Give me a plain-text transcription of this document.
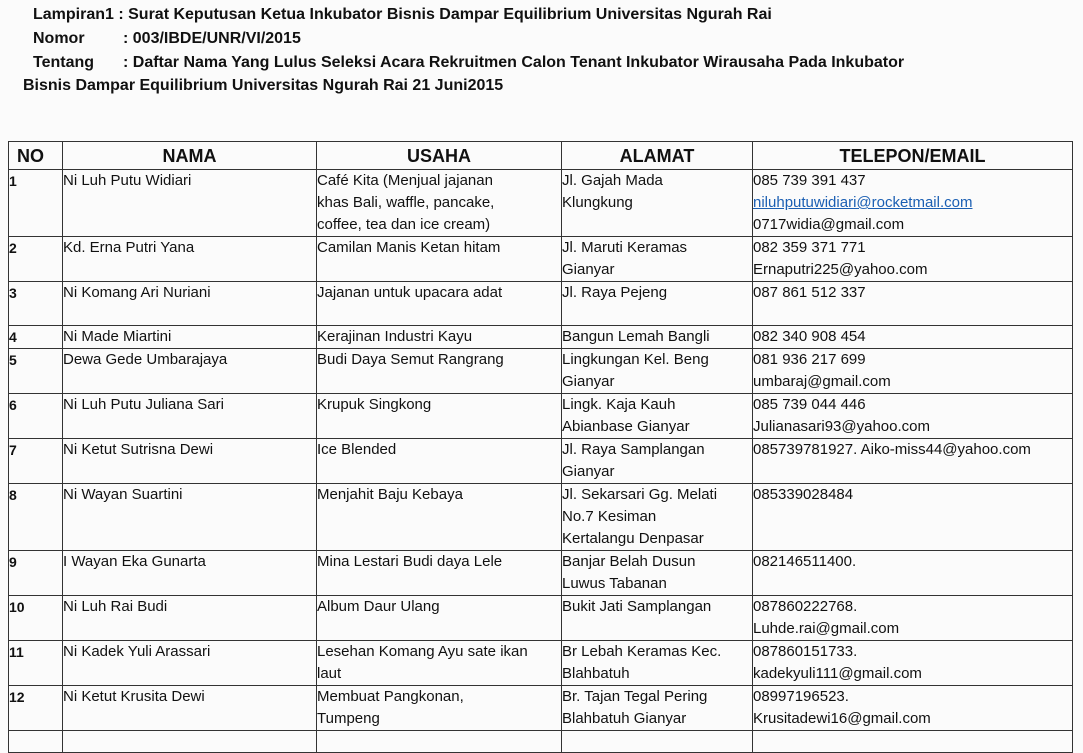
Lampiran1 : Surat Keputusan Ketua Inkubator Bisnis Dampar Equilibrium Universitas Ngurah Rai
Nomor : 003/IBDE/UNR/VI/2015
Tentang : Daftar Nama Yang Lulus Seleksi Acara Rekruitmen Calon Tenant Inkubator Wirausaha Pada Inkubator
Bisnis Dampar Equilibrium Universitas Ngurah Rai 21 Juni2015
NO	NAMA	USAHA	ALAMAT	TELEPON/EMAIL

1	Ni Luh Putu Widiari	Café Kita (Menjual jajanan
khas Bali, waffle, pancake,
coffee, tea dan ice cream)	Jl. Gajah Mada
Klungkung	085 739 391 437
niluhputuwidiari@rocketmail.com
0717widia@gmail.com

2	Kd. Erna Putri Yana	Camilan Manis Ketan hitam	Jl. Maruti Keramas
Gianyar	082 359 371 771
Ernaputri225@yahoo.com

3	Ni Komang Ari Nuriani	Jajanan untuk upacara adat	Jl. Raya Pejeng	087 861 512 337

4	Ni Made Miartini	Kerajinan Industri Kayu	Bangun Lemah Bangli	082 340 908 454

5	Dewa Gede Umbarajaya	Budi Daya Semut Rangrang	Lingkungan Kel. Beng
Gianyar	081 936 217 699
umbaraj@gmail.com

6	Ni Luh Putu Juliana Sari	Krupuk Singkong	Lingk. Kaja Kauh
Abianbase Gianyar	085 739 044 446
Julianasari93@yahoo.com

7	Ni Ketut Sutrisna Dewi	Ice Blended	Jl. Raya Samplangan
Gianyar	085739781927. Aiko-miss44@yahoo.com

8	Ni Wayan Suartini	Menjahit Baju Kebaya	Jl. Sekarsari Gg. Melati
No.7 Kesiman
Kertalangu Denpasar	085339028484

9	I Wayan Eka Gunarta	Mina Lestari Budi daya Lele	Banjar Belah Dusun
Luwus Tabanan	082146511400.

10	Ni Luh Rai Budi	Album Daur Ulang	Bukit Jati Samplangan	087860222768.
Luhde.rai@gmail.com

11	Ni Kadek Yuli Arassari	Lesehan Komang Ayu sate ikan
laut	Br Lebah Keramas Kec.
Blahbatuh	087860151733.
kadekyuli111@gmail.com

12	Ni Ketut Krusita Dewi	Membuat Pangkonan,
Tumpeng	Br. Tajan Tegal Pering
Blahbatuh Gianyar	08997196523.
Krusitadewi16@gmail.com
